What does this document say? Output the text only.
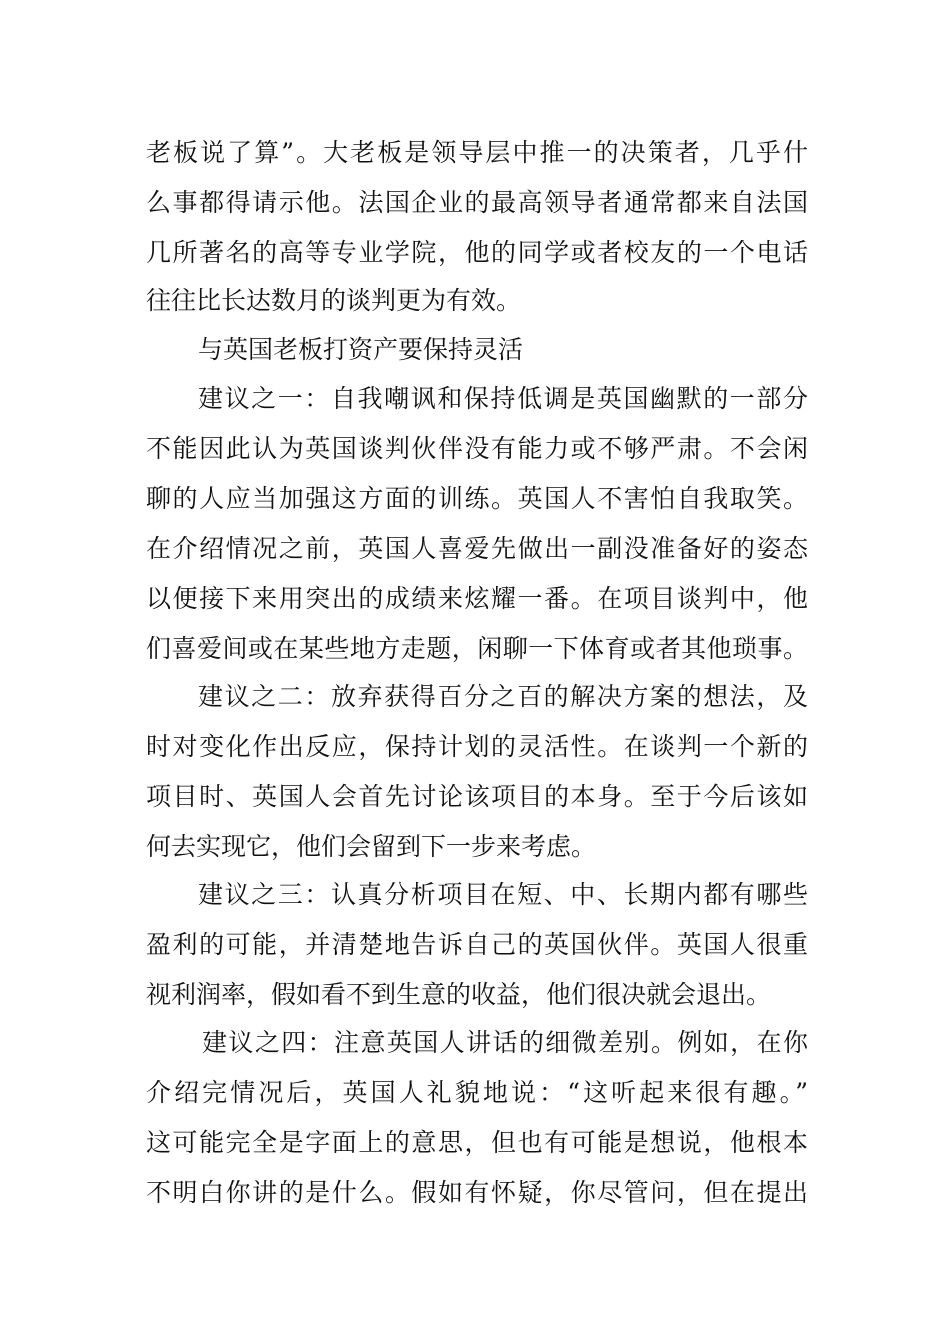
老板说了算”。大老板是领导层中推一的决策者，几乎什
么事都得请示他。法国企业的最高领导者通常都来自法国
几所著名的高等专业学院，他的同学或者校友的一个电话
往往比长达数月的谈判更为有效。
与英国老板打资产要保持灵活
建议之一：自我嘲讽和保持低调是英国幽默的一部分
不能因此认为英国谈判伙伴没有能力或不够严肃。不会闲
聊的人应当加强这方面的训练。英国人不害怕自我取笑。
在介绍情况之前，英国人喜爱先做出一副没准备好的姿态
以便接下来用突出的成绩来炫耀一番。在项目谈判中，他
们喜爱间或在某些地方走题，闲聊一下体育或者其他琐事。
建议之二：放弃获得百分之百的解决方案的想法，及
时对变化作出反应，保持计划的灵活性。在谈判一个新的
项目时、英国人会首先讨论该项目的本身。至于今后该如
何去实现它，他们会留到下一步来考虑。
建议之三：认真分析项目在短、中、长期内都有哪些
盈利的可能，并清楚地告诉自己的英国伙伴。英国人很重
视利润率，假如看不到生意的收益，他们很决就会退出。
建议之四：注意英国人讲话的细微差别。例如，在你
介绍完情况后，英国人礼貌地说：“这听起来很有趣。”
这可能完全是字面上的意思，但也有可能是想说，他根本
不明白你讲的是什么。假如有怀疑，你尽管问，但在提出
